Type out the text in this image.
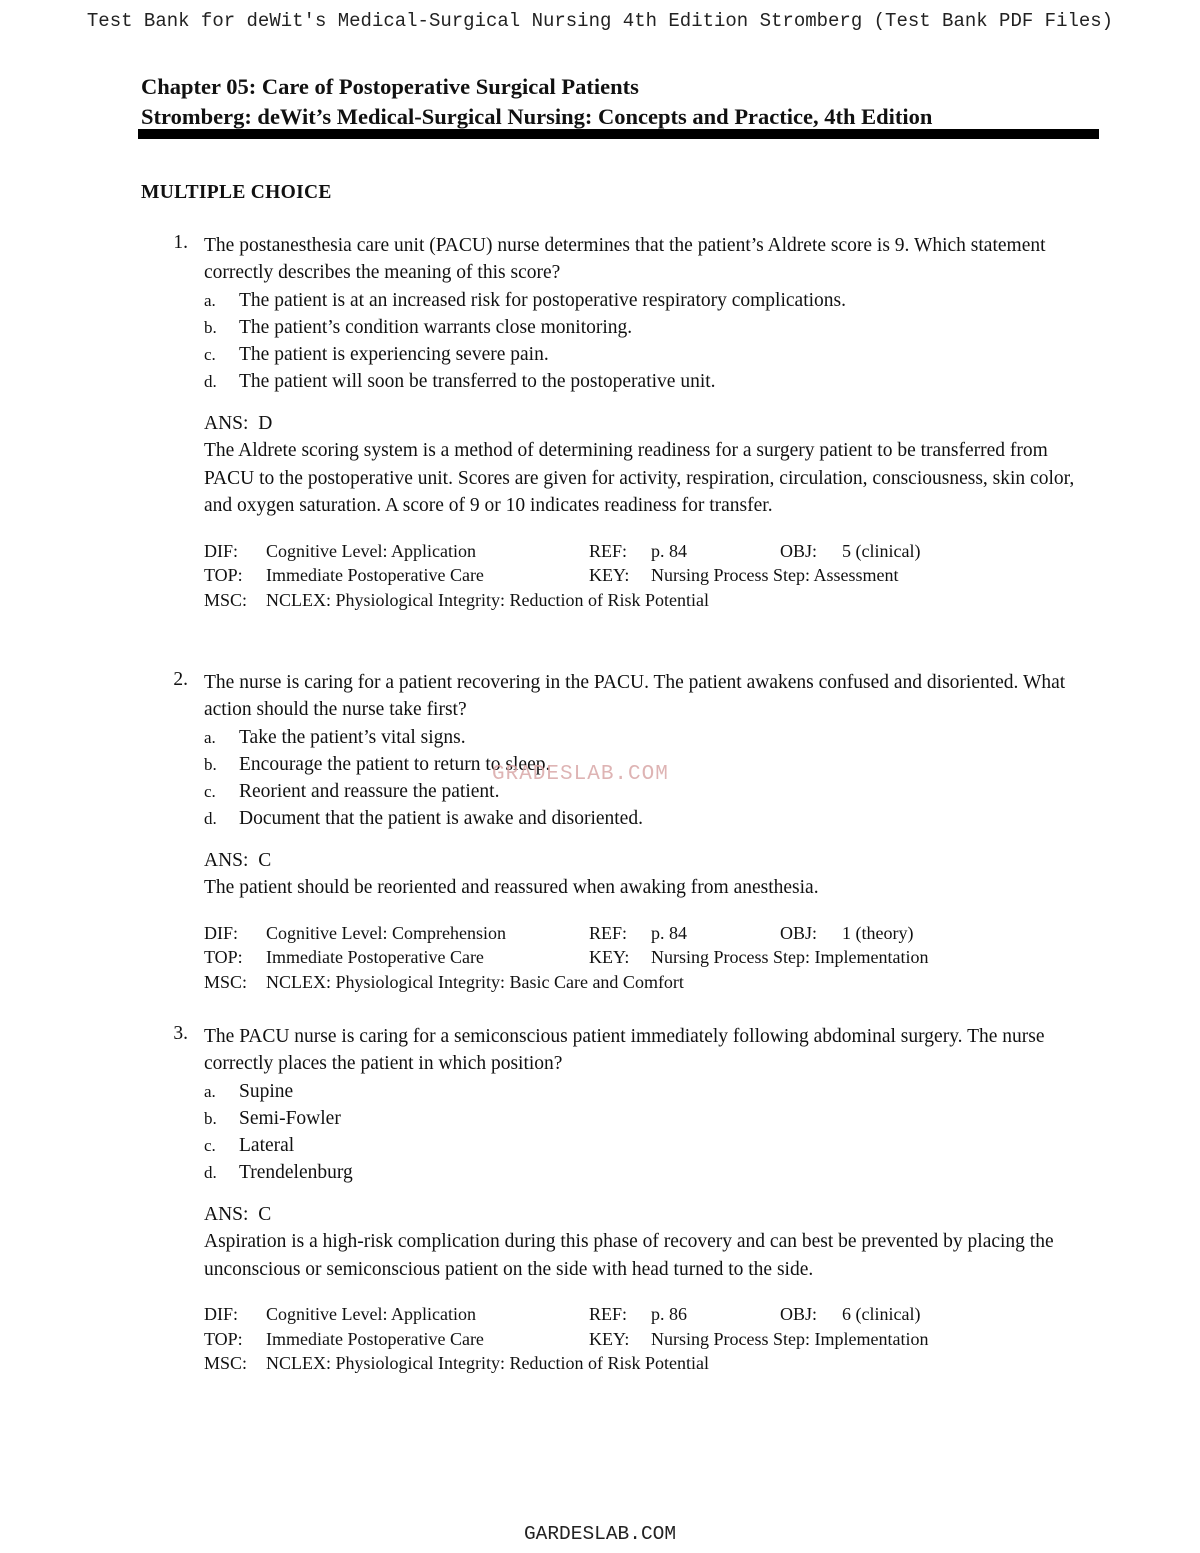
Test Bank for deWit's Medical-Surgical Nursing 4th Edition Stromberg (Test Bank PDF Files)
Chapter 05: Care of Postoperative Surgical Patients
Stromberg: deWit’s Medical-Surgical Nursing: Concepts and Practice, 4th Edition
MULTIPLE CHOICE
1. The postanesthesia care unit (PACU) nurse determines that the patient’s Aldrete score is 9. Which statement correctly describes the meaning of this score?
a. The patient is at an increased risk for postoperative respiratory complications.
b. The patient’s condition warrants close monitoring.
c. The patient is experiencing severe pain.
d. The patient will soon be transferred to the postoperative unit.
ANS: D
The Aldrete scoring system is a method of determining readiness for a surgery patient to be transferred from PACU to the postoperative unit. Scores are given for activity, respiration, circulation, consciousness, skin color, and oxygen saturation. A score of 9 or 10 indicates readiness for transfer.
DIF: Cognitive Level: Application	REF: p. 84	OBJ: 5 (clinical)
TOP: Immediate Postoperative Care	KEY: Nursing Process Step: Assessment
MSC: NCLEX: Physiological Integrity: Reduction of Risk Potential
2. The nurse is caring for a patient recovering in the PACU. The patient awakens confused and disoriented. What action should the nurse take first?
a. Take the patient’s vital signs.
b. Encourage the patient to return to sleep.
c. Reorient and reassure the patient.
d. Document that the patient is awake and disoriented.
ANS: C
The patient should be reoriented and reassured when awaking from anesthesia.
DIF: Cognitive Level: Comprehension	REF: p. 84	OBJ: 1 (theory)
TOP: Immediate Postoperative Care	KEY: Nursing Process Step: Implementation
MSC: NCLEX: Physiological Integrity: Basic Care and Comfort
3. The PACU nurse is caring for a semiconscious patient immediately following abdominal surgery. The nurse correctly places the patient in which position?
a. Supine
b. Semi-Fowler
c. Lateral
d. Trendelenburg
ANS: C
Aspiration is a high-risk complication during this phase of recovery and can best be prevented by placing the unconscious or semiconscious patient on the side with head turned to the side.
DIF: Cognitive Level: Application	REF: p. 86	OBJ: 6 (clinical)
TOP: Immediate Postoperative Care	KEY: Nursing Process Step: Implementation
MSC: NCLEX: Physiological Integrity: Reduction of Risk Potential
GRADESLAB.COM
GARDESLAB.COM
